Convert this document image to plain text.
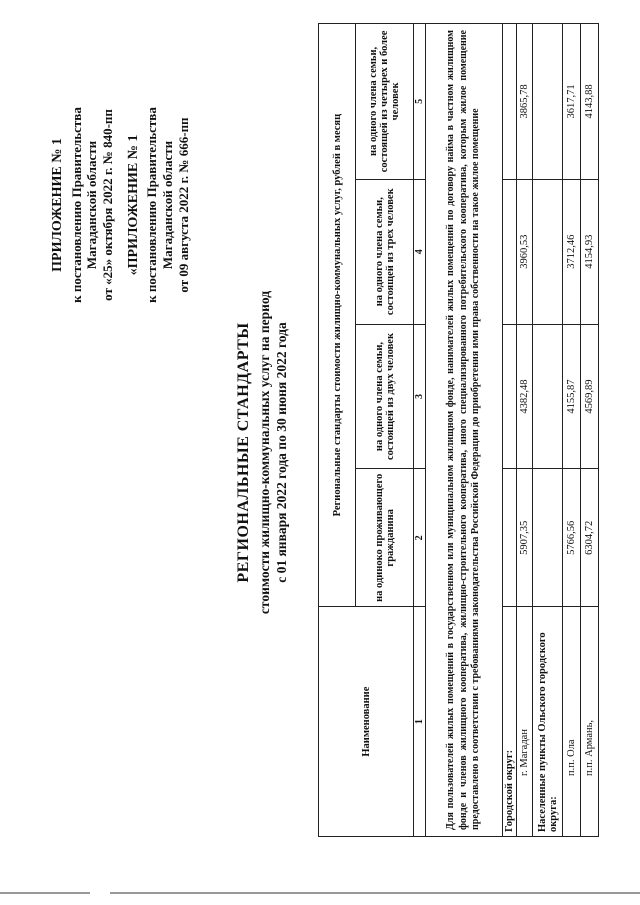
ПРИЛОЖЕНИЕ № 1 к постановлению Правительства Магаданской области от «25» октября 2022 г. № 840-пп «ПРИЛОЖЕНИЕ № 1 к постановлению Правительства Магаданской области от 09 августа 2022 г. № 666-пп
РЕГИОНАЛЬНЫЕ СТАНДАРТЫ стоимости жилищно-коммунальных услуг на период с 01 января 2022 года по 30 июня 2022 года
Наименование	Региональные стандарты стоимости жилищно-коммунальных услуг, рублей в месяц			
	на одиноко проживающего гражданина	на одного члена семьи, состоящей из двух человек	на одного члена семьи, состоящей из трех человек	на одного члена семьи, состоящей из четырех и более человек
1	2	3	4	5
Для пользователей жилых помещений в государственном или муниципальном жилищном фонде, нанимателей жилых помещений по договору найма в частном жилищном фонде и членов жилищного кооператива, жилищно-строительного кооператива, иного специализированного потребительского кооператива, которым жилое помещение предоставлено в соответствии с требованиями законодательства Российской Федерации до приобретения ими права собственности на такое жилое помещение				
Городской округ:				
г. Магадан	5907,35	4382,48	3960,53	3865,78
Населенные пункты Ольского городского округа:				
п.п. Ола	5766,56	4155,87	3712,46	3617,71
п.п. Армань,	6304,72	4569,89	4154,93	4143,88
